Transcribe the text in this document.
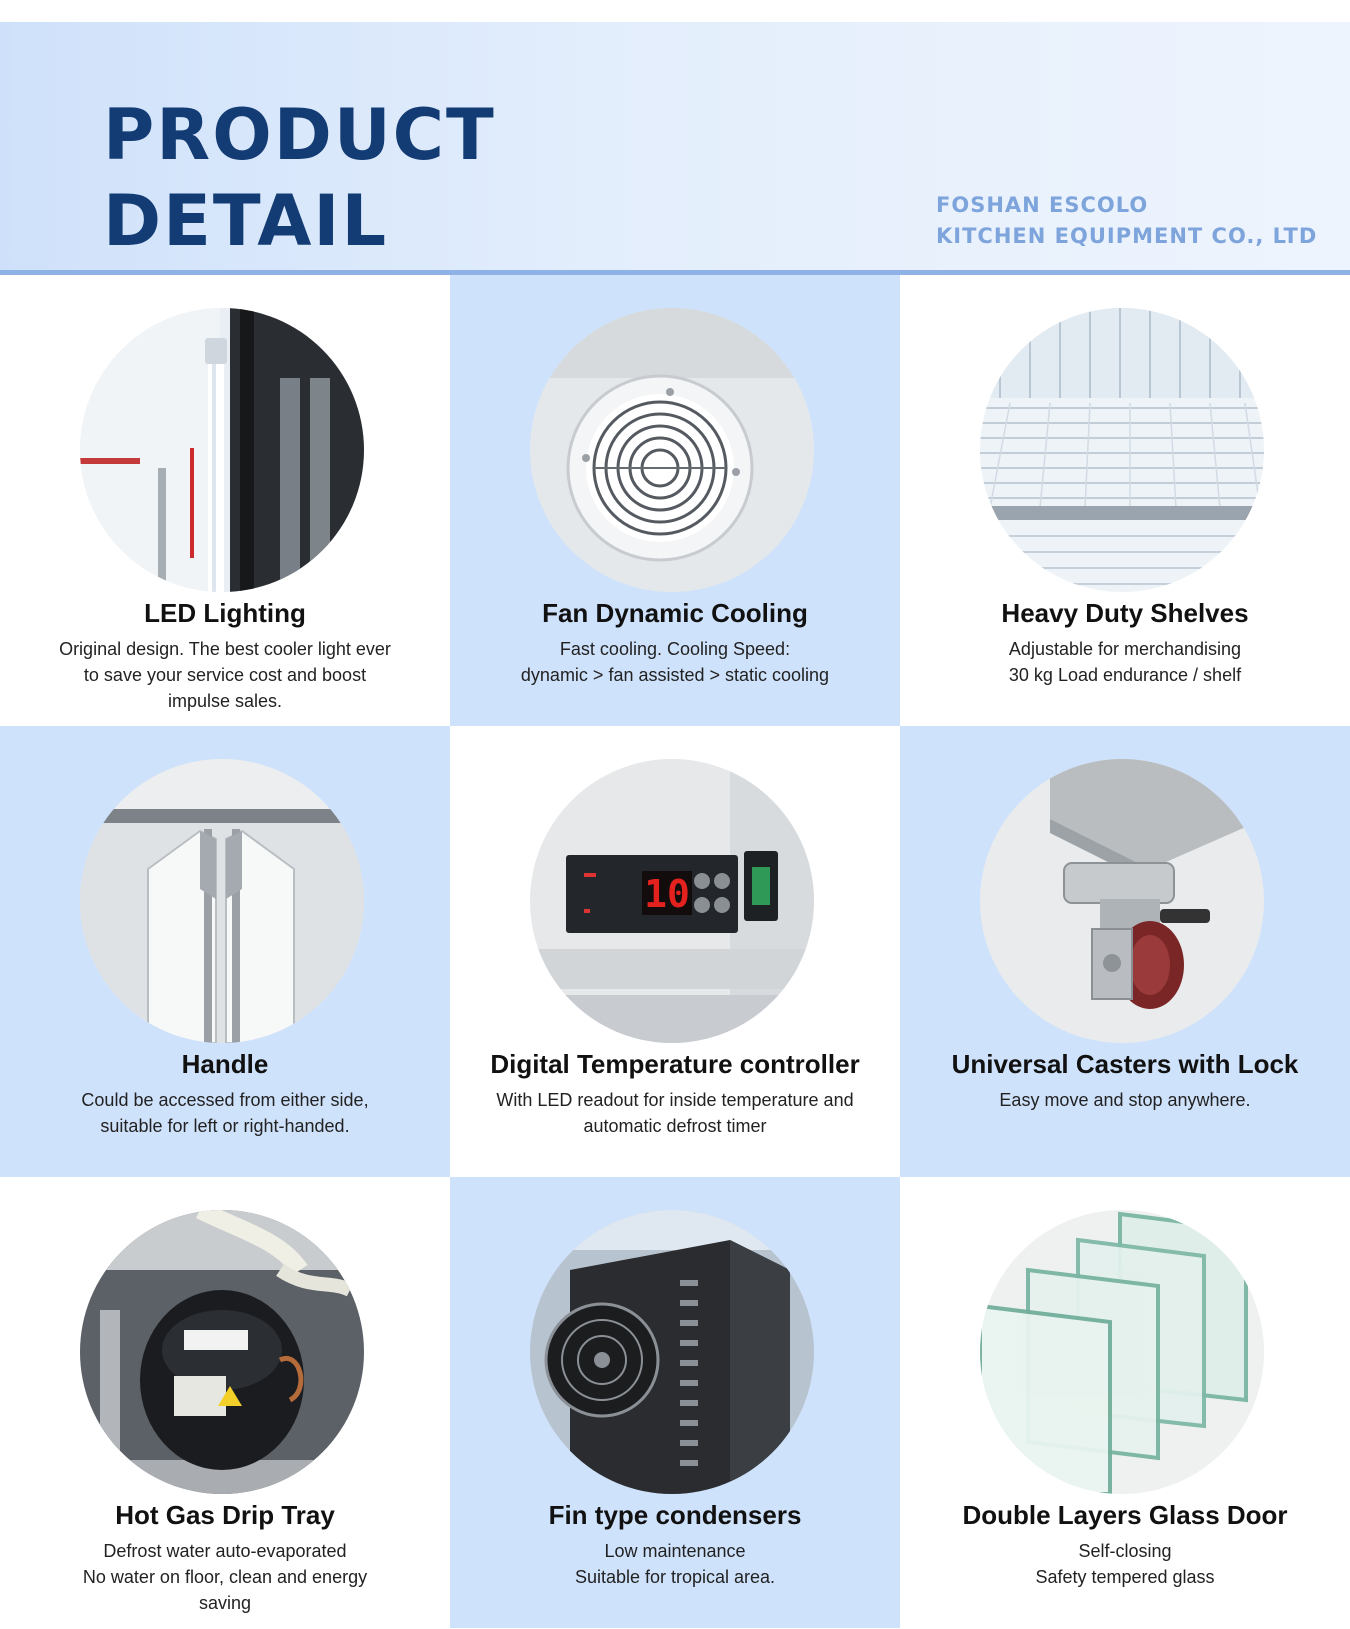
PRODUCT
DETAIL	FOSHAN ESCOLO
KITCHEN EQUIPMENT CO., LTD
LED Lighting
Original design. The best cooler light ever
to save your service cost and boost
impulse sales.
Fan Dynamic Cooling
Fast cooling. Cooling Speed:
dynamic > fan assisted > static cooling
Heavy Duty Shelves
Adjustable for merchandising
30 kg Load endurance / shelf
Handle
Could be accessed from either side,
suitable for left or right-handed.
10
Digital Temperature controller
With LED readout for inside temperature and
automatic defrost timer
Universal Casters with Lock
Easy move and stop anywhere.
Hot Gas Drip Tray
Defrost water auto-evaporated
No water on floor, clean and energy
saving
Fin type condensers
Low maintenance
Suitable for tropical area.
Double Layers Glass Door
Self-closing
Safety tempered glass
